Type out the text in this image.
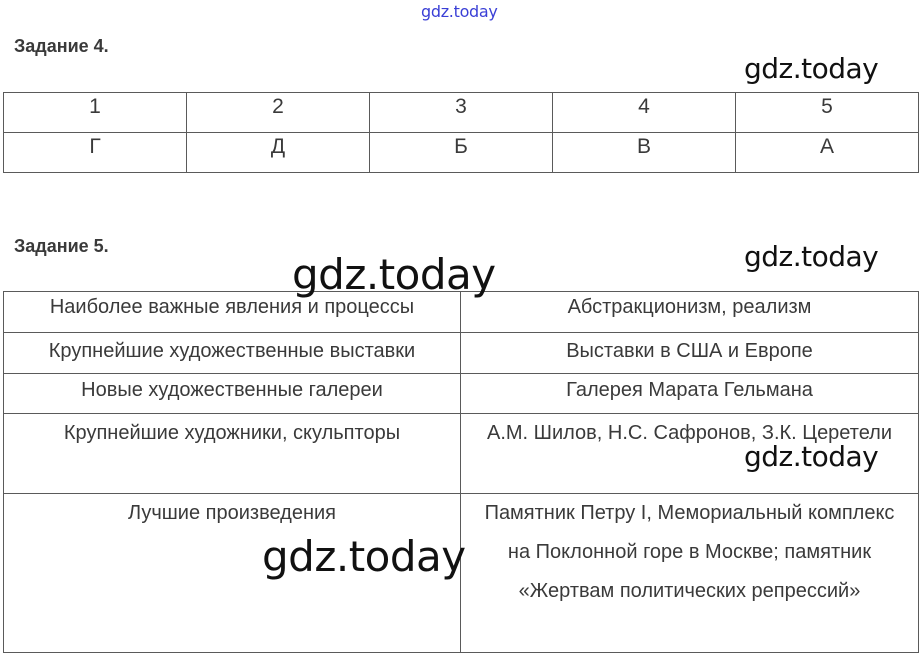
gdz.today
Задание 4.
gdz.today
1	2	3	4	5
Г	Д	Б	В	А
Задание 5.	gdz.today
Наиболее важные явления и процессы	Абстракционизм, реализм
Крупнейшие художественные выставки	Выставки в США и Европе
Новые художественные галереи	Галерея Марата Гельмана
Крупнейшие художники, скульпторы	А.М. Шилов, Н.С. Сафронов, З.К. Церетели
Лучшие произведения	Памятник Петру I, Мемориальный комплекс на Поклонной горе в Москве; памятник «Жертвам политических репрессий»
gdz.today
gdz.today
gdz.today
